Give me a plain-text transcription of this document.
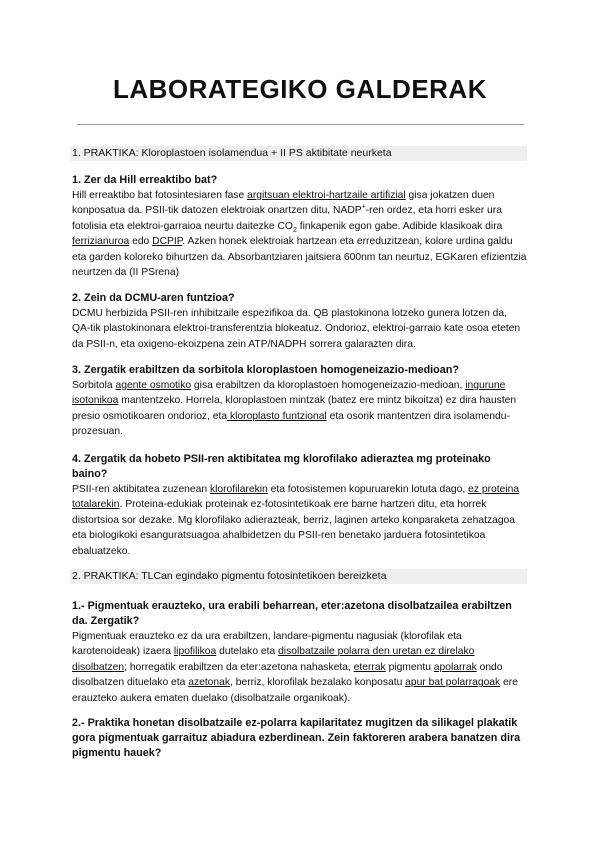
LABORATEGIKO GALDERAK
1. PRAKTIKA: Kloroplastoen isolamendua + II PS aktibitate neurketa

1. Zer da Hill erreaktibo bat?

Hill erreaktibo bat fotosintesiaren fase argitsuan elektroi-hartzaile artifizial gisa jokatzen duen konposatua da. PSII-tik datozen elektroiak onartzen ditu, NADP+-ren ordez, eta horri esker ura fotolisia eta elektroi-garraioa neurtu daitezke $CO_2$ finkapenik egon gabe. Adibide klasikoak dira ferrizianuroa edo DCPIP. Azken honek elektroiak hartzean eta erreduzitzean, kolore urdina galdu eta garden koloreko bihurtzen da. Absorbantziaren jaitsiera 600nm tan neurtuz, EGKaren efizientzia neurtzen da (II PSrena)

2. Zein da DCMU-aren funtzioa?

DCMU herbizida PSII-ren inhibitzaile espezifikoa da. QB plastokinona lotzeko gunera lotzen da, QA-tik plastokinonara elektroi-transferentzia blokeatuz. Ondorioz, elektroi-garraio kate osoa eteten da PSII-n, eta oxigeno-ekoizpena zein ATP/NADPH sorrera galarazten dira.

3. Zergatik erabiltzen da sorbitola kloroplastoen homogeneizazio-medioan?

Sorbitola agente osmotiko gisa erabiltzen da kloroplastoen homogeneizazio-medioan, ingurune isotonikoa mantentzeko. Horrela, kloroplastoen mintzak (batez ere mintz bikoitza) ez dira hausten presio osmotikoaren ondorioz, eta kloroplasto funtzional eta osorik mantentzen dira isolamendu-prozesuan.

4. Zergatik da hobeto PSII-ren aktibitatea mg klorofilako adieraztea mg proteinako baino?

PSII-ren aktibitatea zuzenean klorofilarekin eta fotosistemen kopuruarekin lotuta dago, ez proteina totalarekin. Proteina-edukiak proteinak ez-fotosintetikoak ere barne hartzen ditu, eta horrek distortsioa sor dezake. Mg klorofilako adierazteak, berriz, laginen arteko konparaketa zehatzagoa eta biologikoki esanguratsuagoa ahalbidetzen du PSII-ren benetako jarduera fotosintetikoa ebaluatzeko.

2. PRAKTIKA: TLCan egindako pigmentu fotosintetikoen bereizketa

1.- Pigmentuak erauzteko, ura erabili beharrean, eter:azetona disolbatzailea erabiltzen da. Zergatik?

Pigmentuak erauzteko ez da ura erabiltzen, landare-pigmentu nagusiak (klorofilak eta karotenoideak) izaera lipofilikoa dutelako eta disolbatzaile polarra den uretan ez direlako disolbatzen; horregatik erabiltzen da eter:azetona nahasketa, eterrak pigmentu apolarrak ondo disolbatzen dituelako eta azetonak, berriz, klorofilak bezalako konposatu apur bat polarragoak ere erauzteko aukera ematen duelako (disolbatzaile organikoak).

2.- Praktika honetan disolbatzaile ez-polarra kapilaritatez mugitzen da silikagel plakatik gora pigmentuak garraituz abiadura ezberdinean. Zein faktoreren arabera banatzen dira pigmentu hauek?
